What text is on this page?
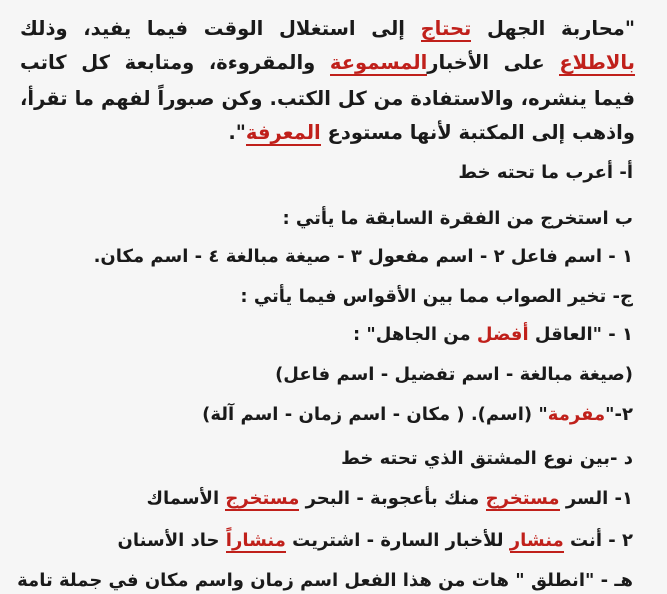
"محاربة الجهل تحتاج إلى استغلال الوقت فيما يفيد، وذلك
بالاطلاع على الأخبارالمسموعة والمقروءة، ومتابعة كل كاتب
فيما ينشره، والاستفادة من كل الكتب. وكن صبوراً لفهم ما تقرأ،
واذهب إلى المكتبة لأنها مستودع المعرفة".
أ- أعرب ما تحته خط
ب استخرج من الفقرة السابقة ما يأتي :
١ - اسم فاعل ٢ - اسم مفعول ٣ - صيغة مبالغة ٤ - اسم مكان.
ج- تخير الصواب مما بين الأقواس فيما يأتي :
١ - "العاقل أفضل من الجاهل" :
(صيغة مبالغة - اسم تفضيل - اسم فاعل)
٢-"مفرمة" (اسم). ( مكان - اسم زمان - اسم آلة)
د -بين نوع المشتق الذي تحته خط
١- السر مستخرج منك بأعجوبة - البحر مستخرج الأسماك
٢ - أنت منشار للأخبار السارة - اشتريت منشاراً حاد الأسنان
هـ - "انطلق " هات من هذا الفعل اسم زمان واسم مكان في جملة تامة
